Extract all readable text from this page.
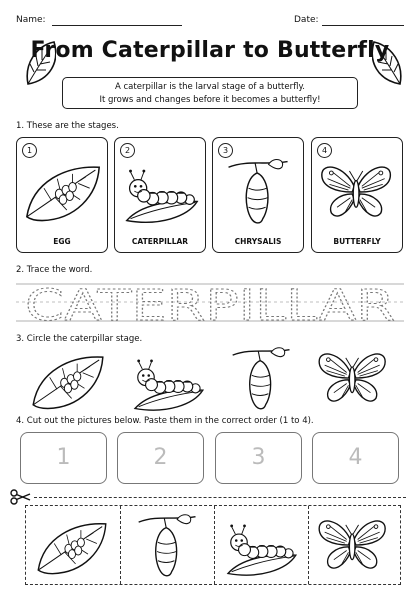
Name:	Date:
From Caterpillar to Butterfly
A caterpillar is the larval stage of a butterfly.
It grows and changes before it becomes a butterfly!
1. These are the stages.
1
EGG
2
CATERPILLAR
3
CHRYSALIS
4
BUTTERFLY
2. Trace the word.
CATERPILLAR
3. Circle the caterpillar stage.
4. Cut out the pictures below. Paste them in the correct order (1 to 4).
1	2	3	4
